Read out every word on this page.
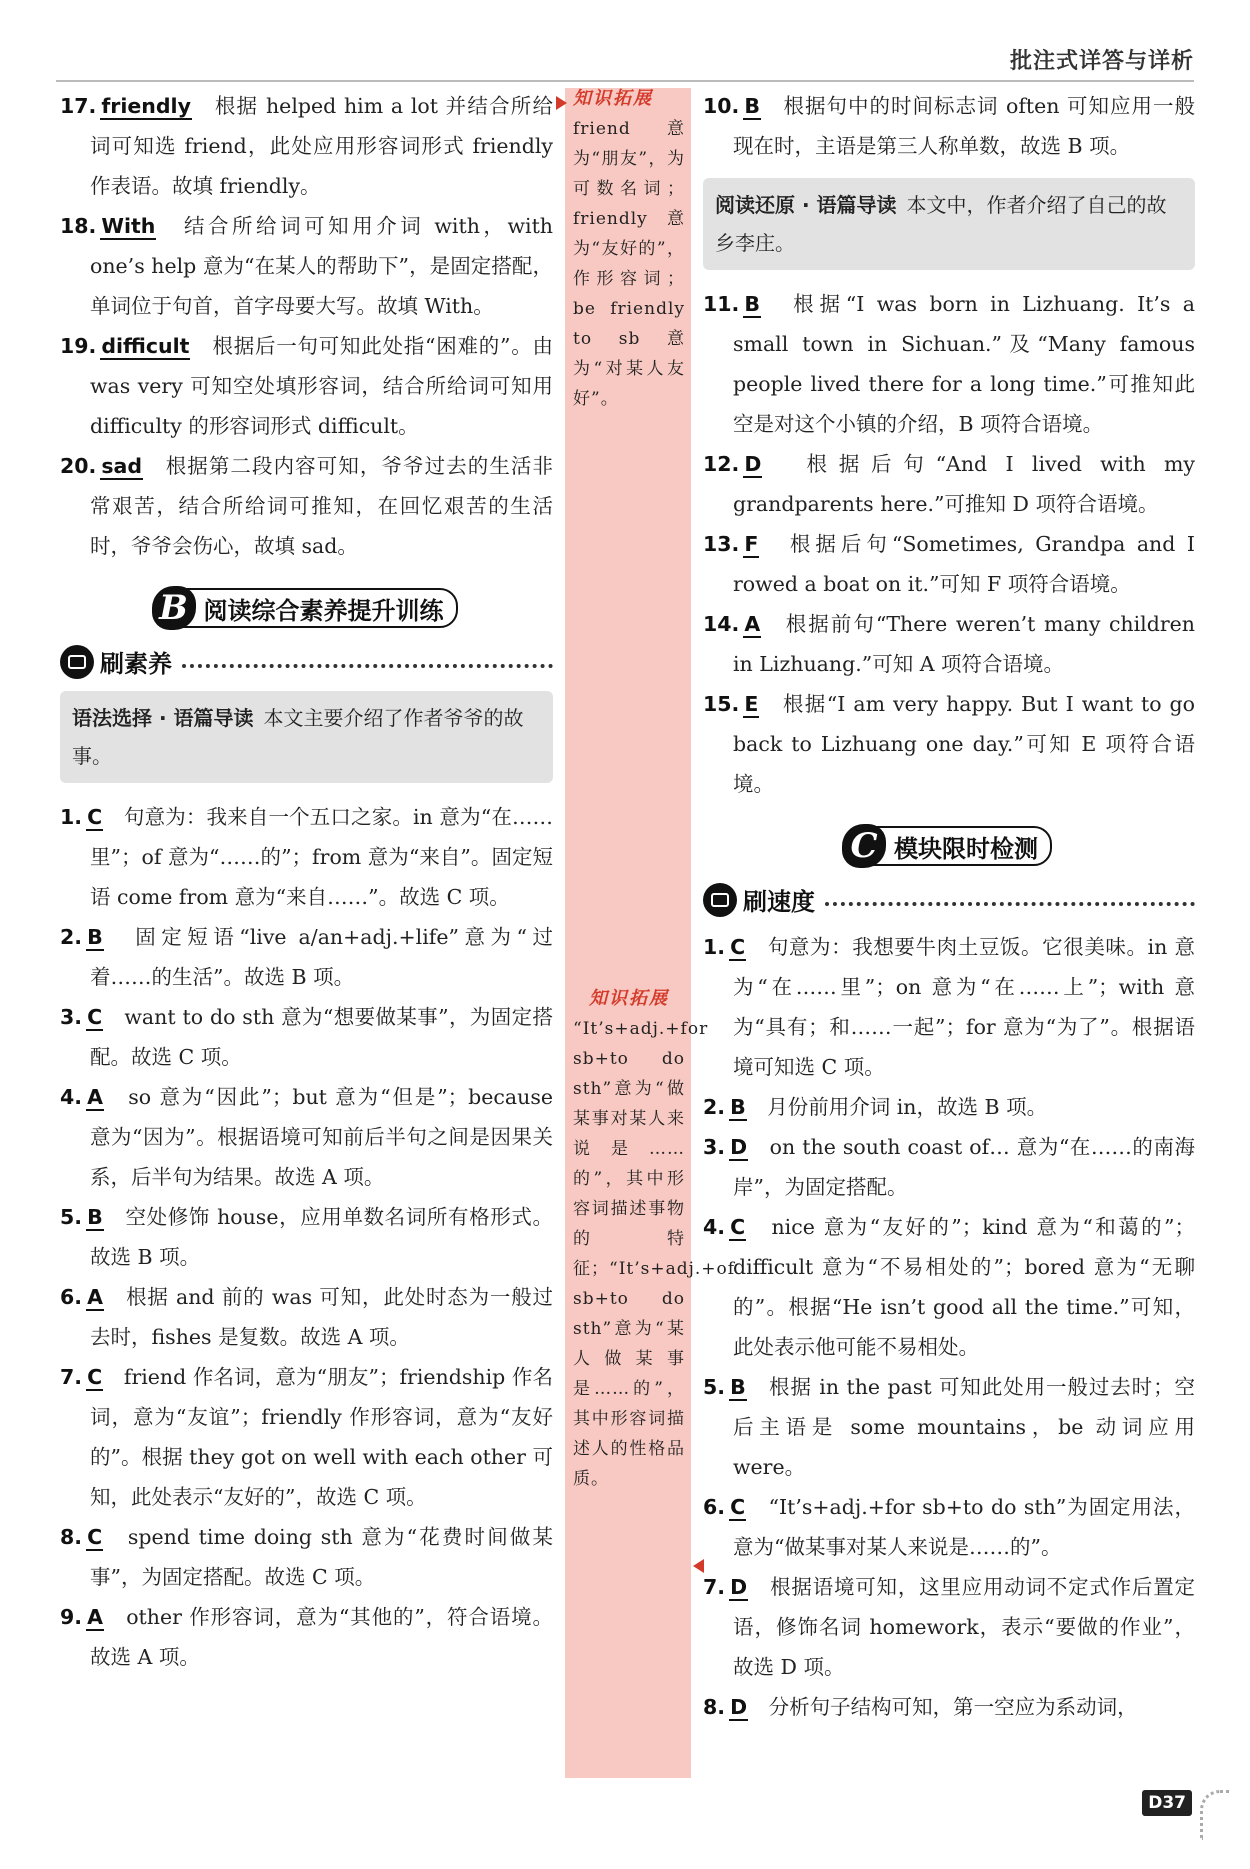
批注式详答与详析
知识拓展
friend 意为“朋友”，为可数名词；friendly 意为“友好的”，作形容词；be friendly to sb 意为“对某人友好”。
知识拓展
“It’s+adj.+for sb+to do sth”意为“做某事对某人来说是……的”，其中形容词描述事物的特征；“It’s+adj.+of sb+to do sth”意为“某人做某事是……的”，其中形容词描述人的性格品质。
17. friendly　 根据 helped him a lot 并结合所给词可知选 friend，此处应用形容词形式 friendly 作表语。故填 friendly。
18. With　 结合所给词可知用介词 with，with one’s help 意为“在某人的帮助下”，是固定搭配，单词位于句首，首字母要大写。故填 With。
19. difficult　 根据后一句可知此处指“困难的”。由 was very 可知空处填形容词，结合所给词可知用 difficulty 的形容词形式 difficult。
20. sad　 根据第二段内容可知，爷爷过去的生活非常艰苦，结合所给词可推知，在回忆艰苦的生活时，爷爷会伤心，故填 sad。
B 阅读综合素养提升训练
刷素养
语法选择 · 语篇导读 本文主要介绍了作者爷爷的故事。
1. C　 句意为：我来自一个五口之家。in 意为“在……里”；of 意为“……的”；from 意为“来自”。固定短语 come from 意为“来自……”。故选 C 项。
2. B　 固定短语“live a/an+adj.+life”意为“过着……的生活”。故选 B 项。
3. C　 want to do sth 意为“想要做某事”，为固定搭配。故选 C 项。
4. A　 so 意为“因此”；but 意为“但是”；because 意为“因为”。根据语境可知前后半句之间是因果关系，后半句为结果。故选 A 项。
5. B　 空处修饰 house，应用单数名词所有格形式。故选 B 项。
6. A　 根据 and 前的 was 可知，此处时态为一般过去时，fishes 是复数。故选 A 项。
7. C　 friend 作名词，意为“朋友”；friendship 作名词，意为“友谊”；friendly 作形容词，意为“友好的”。根据 they got on well with each other 可知，此处表示“友好的”，故选 C 项。
8. C　 spend time doing sth 意为“花费时间做某事”，为固定搭配。故选 C 项。
9. A　 other 作形容词，意为“其他的”，符合语境。故选 A 项。
10. B　 根据句中的时间标志词 often 可知应用一般现在时，主语是第三人称单数，故选 B 项。
阅读还原 · 语篇导读 本文中，作者介绍了自己的故乡李庄。
11. B　 根据“I was born in Lizhuang. It’s a small town in Sichuan.”及“Many famous people lived there for a long time.”可推知此空是对这个小镇的介绍，B 项符合语境。
12. D　 根据后句“And I lived with my grandparents here.”可推知 D 项符合语境。
13. F　 根据后句“Sometimes, Grandpa and I rowed a boat on it.”可知 F 项符合语境。
14. A　 根据前句“There weren’t many children in Lizhuang.”可知 A 项符合语境。
15. E　 根据“I am very happy. But I want to go back to Lizhuang one day.”可知 E 项符合语境。
C 模块限时检测
刷速度
1. C　 句意为：我想要牛肉土豆饭。它很美味。in 意为“在……里”；on 意为“在……上”；with 意为“具有；和……一起”；for 意为“为了”。根据语境可知选 C 项。
2. B　 月份前用介词 in，故选 B 项。
3. D　 on the south coast of… 意为“在……的南海岸”，为固定搭配。
4. C　 nice 意为“友好的”；kind 意为“和蔼的”；difficult 意为“不易相处的”；bored 意为“无聊的”。根据“He isn’t good all the time.”可知，此处表示他可能不易相处。
5. B　 根据 in the past 可知此处用一般过去时；空后主语是 some mountains，be 动词应用 were。
6. C　 “It’s+adj.+for sb+to do sth”为固定用法，意为“做某事对某人来说是……的”。
7. D　 根据语境可知，这里应用动词不定式作后置定语，修饰名词 homework，表示“要做的作业”，故选 D 项。
8. D　 分析句子结构可知，第一空应为系动词，
D37
